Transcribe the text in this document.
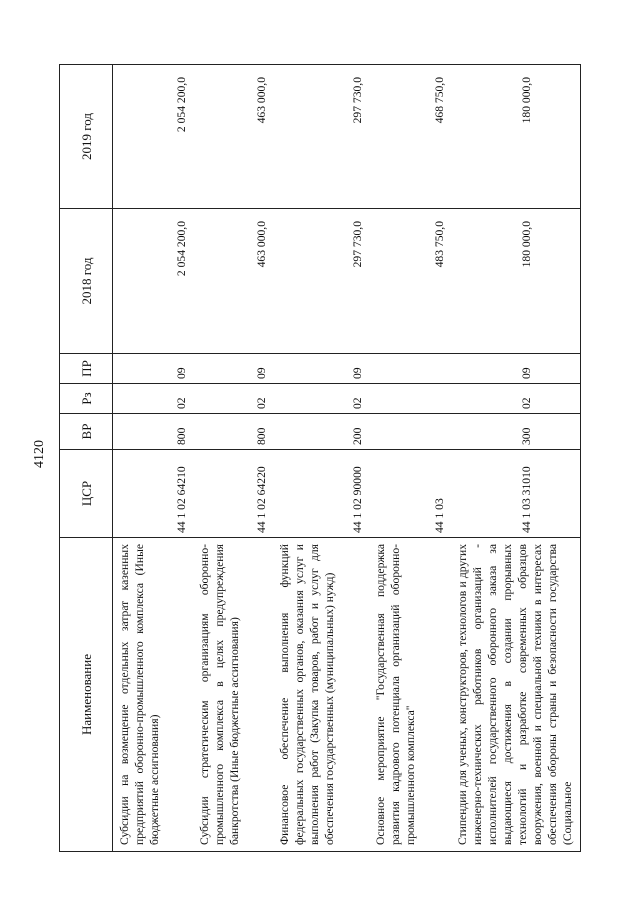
4120
Наименование	ЦСР	ВР	Рз	ПР	2018 год	2019 год
Субсидии на возмещение отдельных затрат казенных предприятий оборонно-промышленного комплекса (Иные бюджетные ассигнования)	44 1 02 64210	800	02	09	2 054 200,0	2 054 200,0
Субсидии стратегическим организациям оборонно-промышленного комплекса в целях предупреждения банкротства (Иные бюджетные ассигнования)	44 1 02 64220	800	02	09	463 000,0	463 000,0
Финансовое обеспечение выполнения функций федеральных государственных органов, оказания услуг и выполнения работ (Закупка товаров, работ и услуг для обеспечения государственных (муниципальных) нужд)	44 1 02 90000	200	02	09	297 730,0	297 730,0
Основное мероприятие "Государственная поддержка развития кадрового потенциала организаций оборонно-промышленного комплекса"	44 1 03				483 750,0	468 750,0
Стипендии для ученых, конструкторов, технологов и других инженерно-технических работников организаций - исполнителей государственного оборонного заказа за выдающиеся достижения в создании прорывных технологий и разработке современных образцов вооружения, военной и специальной техники в интересах обеспечения обороны страны и безопасности государства (Социальное	44 1 03 31010	300	02	09	180 000,0	180 000,0
